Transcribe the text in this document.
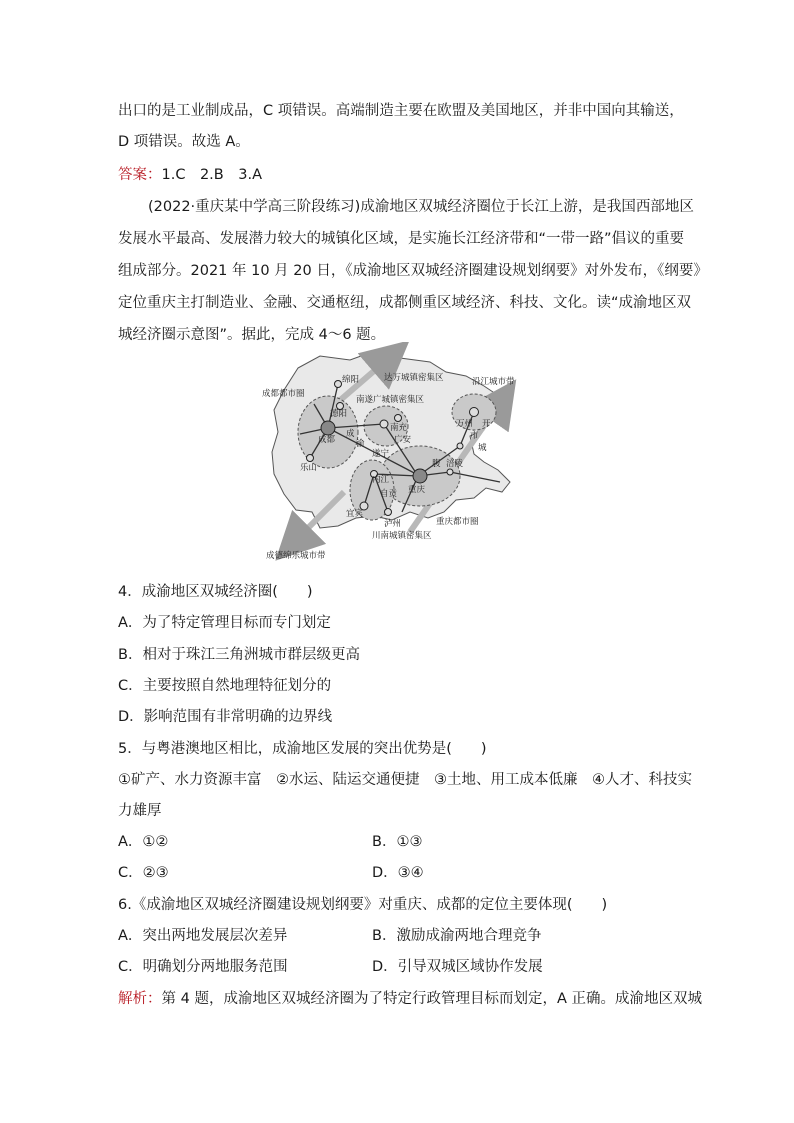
出口的是工业制成品，C 项错误。高端制造主要在欧盟及美国地区，并非中国向其输送，
D 项错误。故选 A。
答案：1.C　2.B　3.A
(2022·重庆某中学高三阶段练习)成渝地区双城经济圈位于长江上游，是我国西部地区
发展水平最高、发展潜力较大的城镇化区域，是实施长江经济带和“一带一路”倡议的重要
组成部分。2021 年 10 月 20 日，《成渝地区双城经济圈建设规划纲要》对外发布，《纲要》
定位重庆主打制造业、金融、交通枢纽，成都侧重区域经济、科技、文化。读“成渝地区双
城经济圈示意图”。据此，完成 4～6 题。
4．成渝地区双城经济圈(　　)
A．为了特定管理目标而专门划定
B．相对于珠江三角洲城市群层级更高
C．主要按照自然地理特征划分的
D．影响范围有非常明确的边界线
5．与粤港澳地区相比，成渝地区发展的突出优势是(　　)
①矿产、水力资源丰富　②水运、陆运交通便捷　③土地、用工成本低廉　④人才、科技实
力雄厚
A．①②	B．①③
C．②③	D．③④
6.《成渝地区双城经济圈建设规划纲要》对重庆、成都的定位主要体现(　　)
A．突出两地发展层次差异	B．激励成渝两地合理竞争
C．明确划分两地服务范围	D．引导双城区域协作发展
解析：第 4 题，成渝地区双城经济圈为了特定行政管理目标而划定，A 正确。成渝地区双城
成都都市圈
达万城镇密集区	沿江城市带
南遂广城镇密集区
绵阳
德阳
成都
成
渝
南充
广安
万州 开
市
城
乐山
遂宁
内江
涪陵
重庆
腹
自贡
宜宾
泸州
川南城镇密集区
重庆都市圈
成德绵乐城市带
